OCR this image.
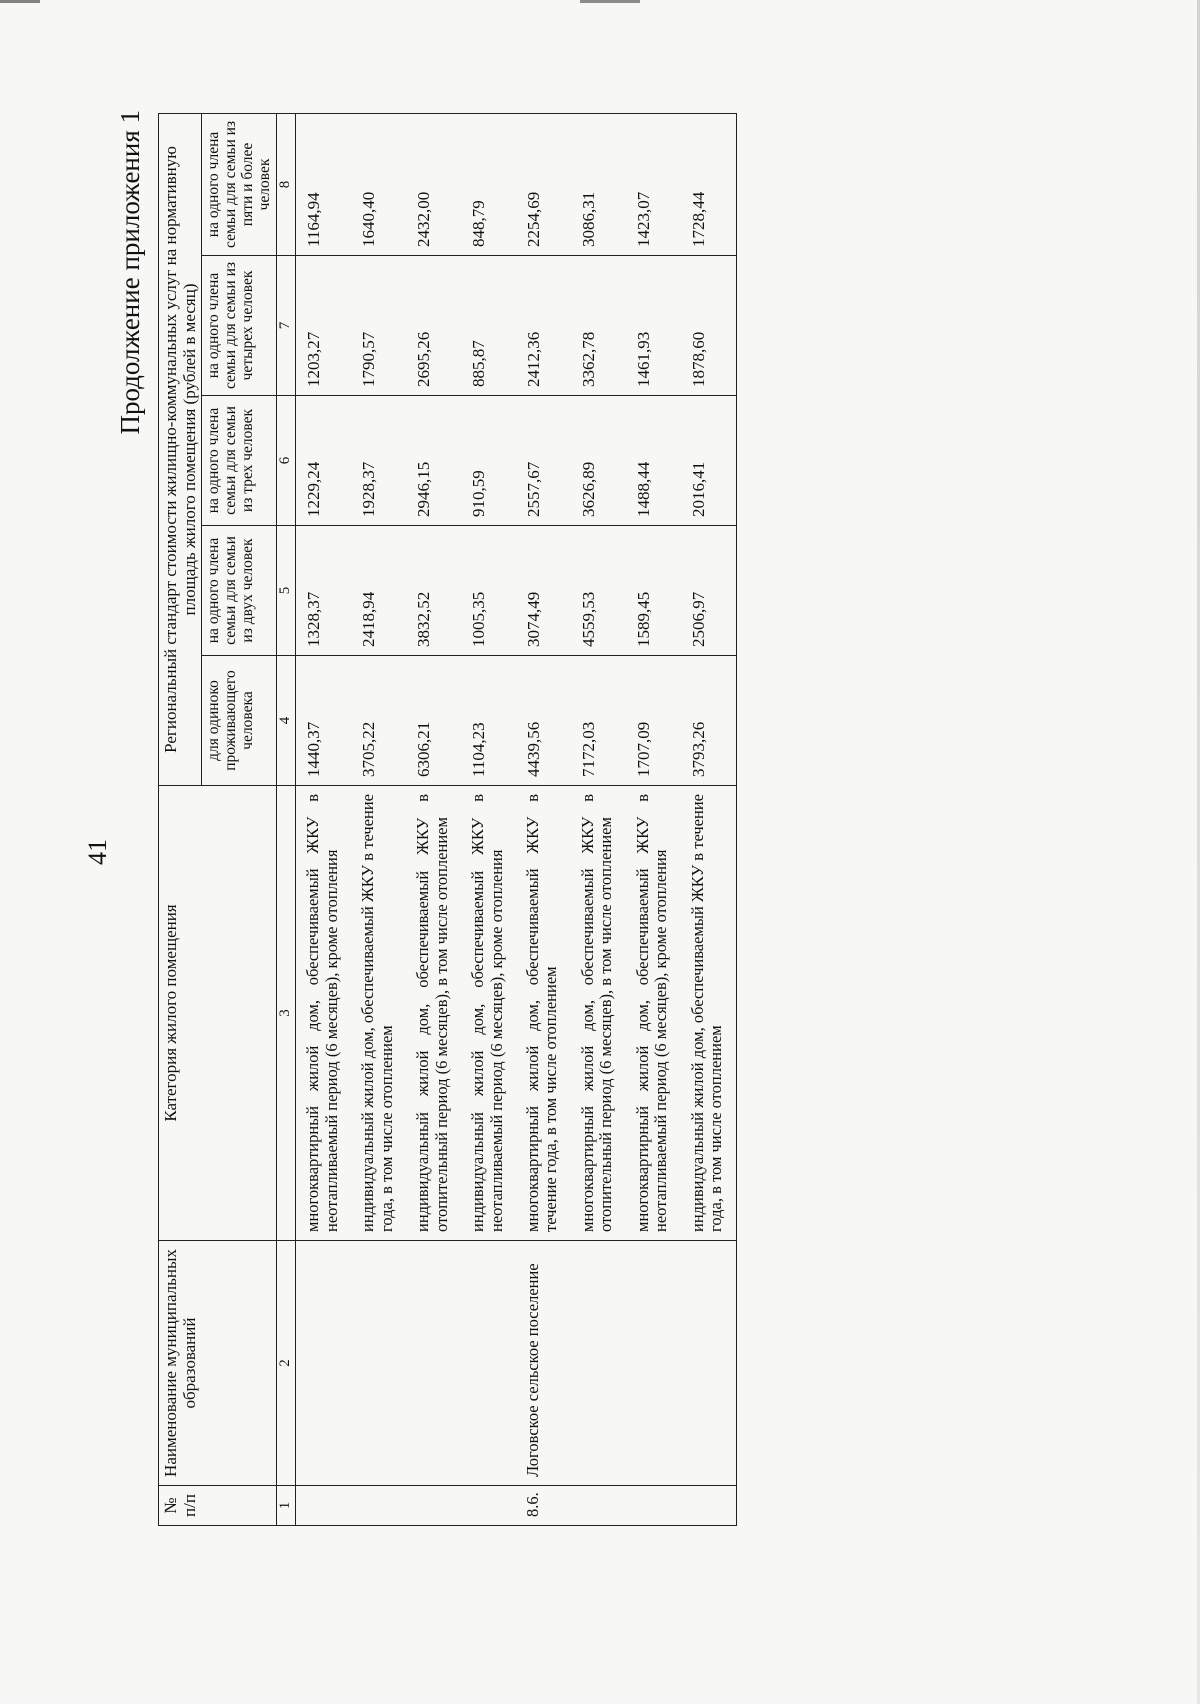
41
Продолжение приложения 1
№ п/п	Наименование муниципальных образований	Категория жилого помещения	Региональный стандарт стоимости жилищно-коммунальных услуг на нормативную площадь жилого помещения (рублей в месяц)				
			для одиноко проживающего человека	на одного члена семьи для семьи из двух человек	на одного члена семьи для семьи из трех человек	на одного члена семьи для семьи из четырех человек	на одного члена семьи для семьи из пяти и более человек
1	2	3	4	5	6	7	8
		многоквартирный жилой дом, обеспечиваемый ЖКУ в неотапливаемый период (6 месяцев), кроме отопления	1440,37	1328,37	1229,24	1203,27	1164,94
		индивидуальный жилой дом, обеспечиваемый ЖКУ в течение года, в том числе отоплением	3705,22	2418,94	1928,37	1790,57	1640,40
		индивидуальный жилой дом, обеспечиваемый ЖКУ в отопительный период (6 месяцев), в том числе отоплением	6306,21	3832,52	2946,15	2695,26	2432,00
		индивидуальный жилой дом, обеспечиваемый ЖКУ в неотапливаемый период (6 месяцев), кроме отопления	1104,23	1005,35	910,59	885,87	848,79
8.6.	Логовское сельское поселение	многоквартирный жилой дом, обеспечиваемый ЖКУ в течение года, в том числе отоплением	4439,56	3074,49	2557,67	2412,36	2254,69
		многоквартирный жилой дом, обеспечиваемый ЖКУ в отопительный период (6 месяцев), в том числе отоплением	7172,03	4559,53	3626,89	3362,78	3086,31
		многоквартирный жилой дом, обеспечиваемый ЖКУ в неотапливаемый период (6 месяцев), кроме отопления	1707,09	1589,45	1488,44	1461,93	1423,07
		индивидуальный жилой дом, обеспечиваемый ЖКУ в течение года, в том числе отоплением	3793,26	2506,97	2016,41	1878,60	1728,44
